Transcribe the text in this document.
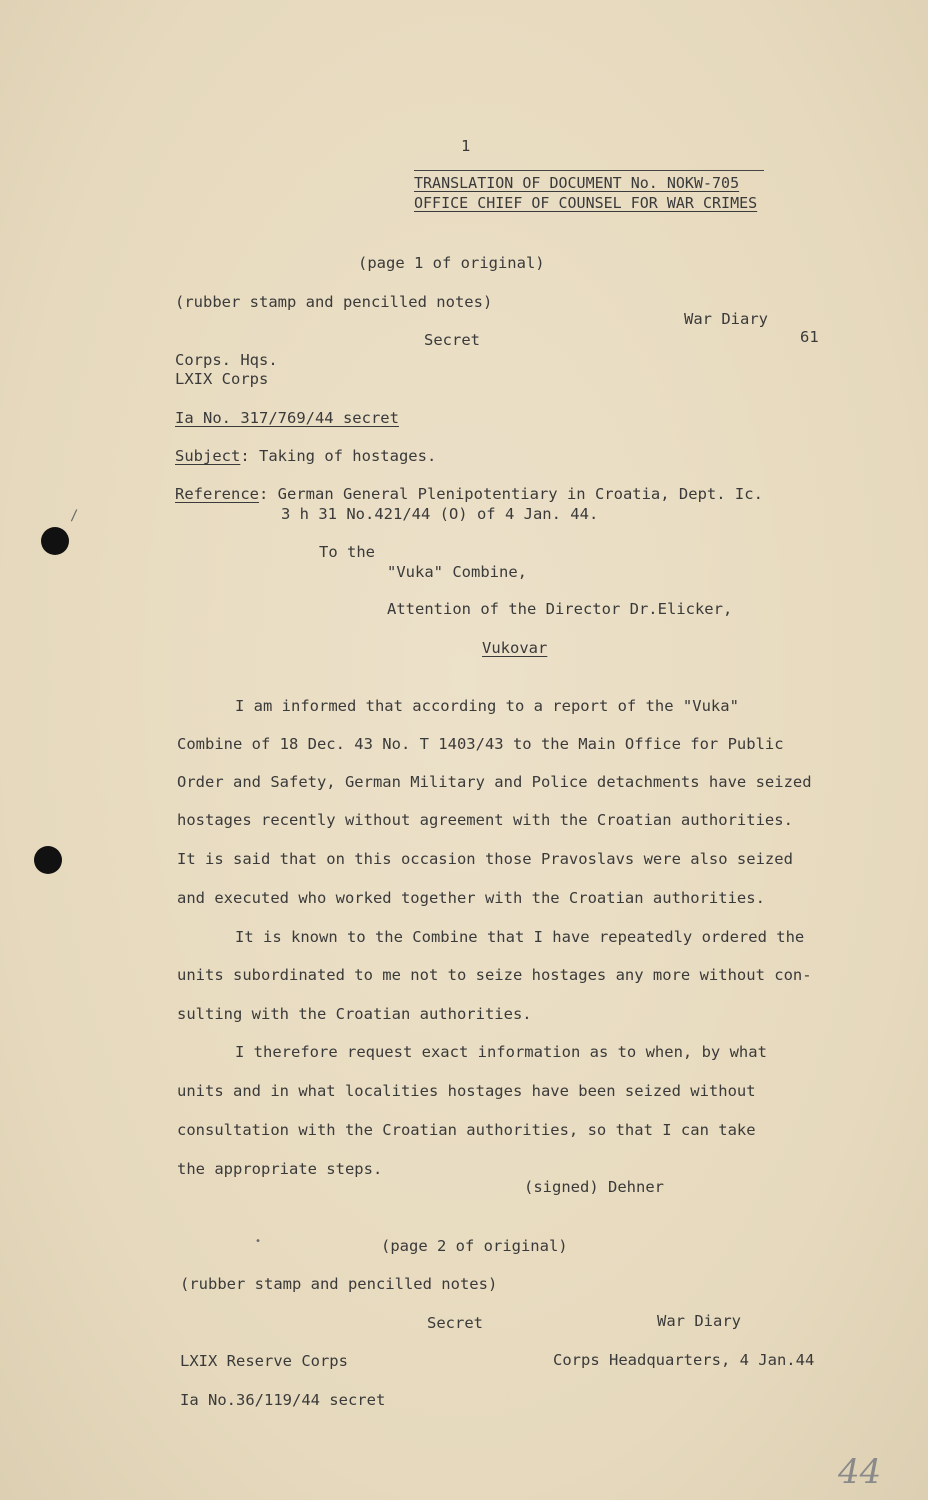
1
TRANSLATION OF DOCUMENT No. NOKW-705
OFFICE CHIEF OF COUNSEL FOR WAR CRIMES
(page 1 of original)
(rubber stamp and pencilled notes)
War Diary
61
Secret
Corps. Hqs.
LXIX Corps
Ia No. 317/769/44 secret
Subject: Taking of hostages.
Reference: German General Plenipotentiary in Croatia, Dept. Ic.
3 h 31 No.421/44 (O) of 4 Jan. 44.
To the
"Vuka" Combine,
Attention of the Director Dr.Elicker,
Vukovar
I am informed that according to a report of the "Vuka"
Combine of 18 Dec. 43 No. T 1403/43 to the Main Office for Public
Order and Safety, German Military and Police detachments have seized
hostages recently without agreement with the Croatian authorities.
It is said that on this occasion those Pravoslavs were also seized
and executed who worked together with the Croatian authorities.
It is known to the Combine that I have repeatedly ordered the
units subordinated to me not to seize hostages any more without con-
sulting with the Croatian authorities.
I therefore request exact information as to when, by what
units and in what localities hostages have been seized without
consultation with the Croatian authorities, so that I can take
the appropriate steps.
(signed) Dehner
(page 2 of original)
(rubber stamp and pencilled notes)
Secret	War Diary
LXIX Reserve Corps	Corps Headquarters, 4 Jan.44
Ia No.36/119/44 secret
/
•
44
